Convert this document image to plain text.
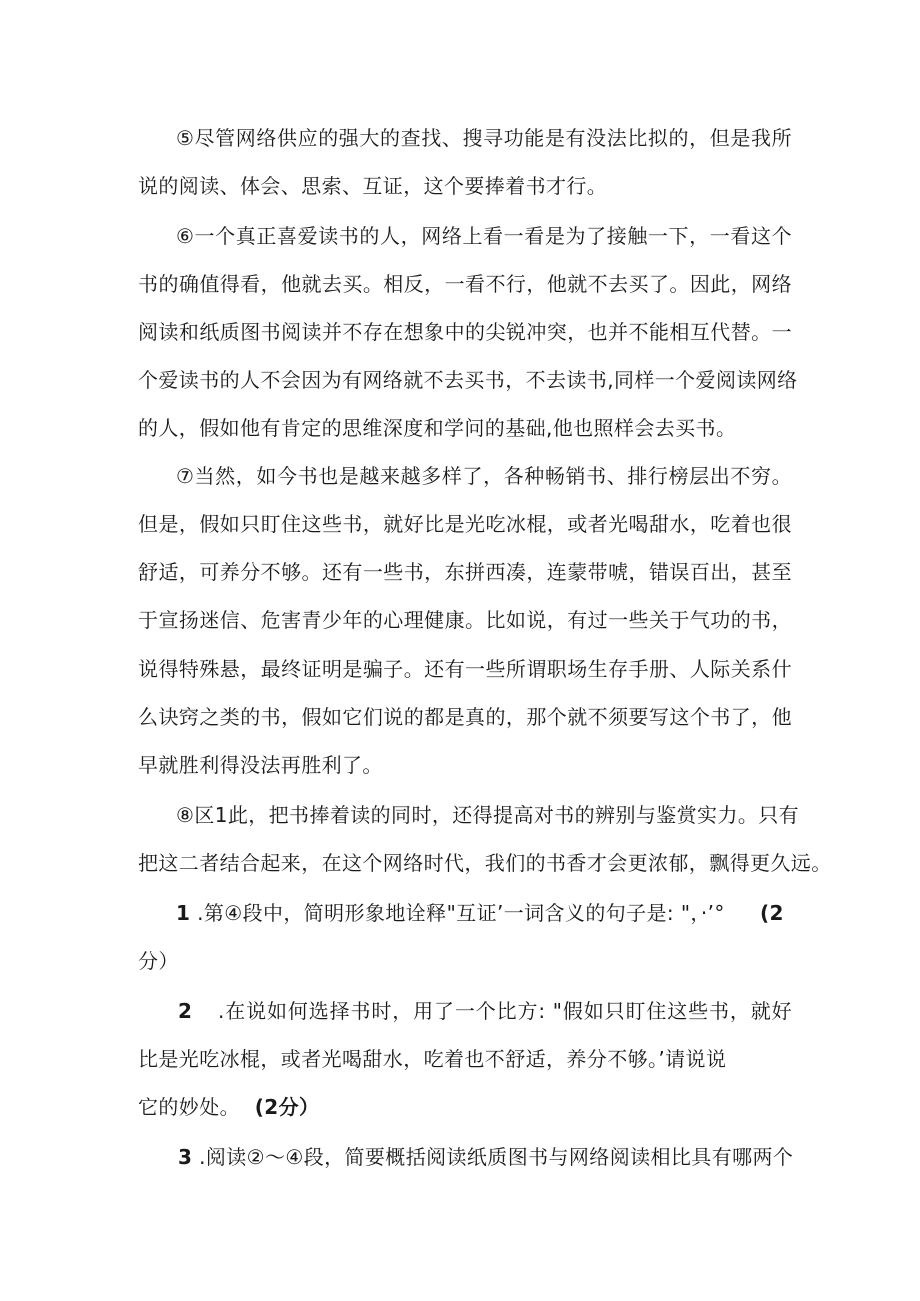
⑤尽管网络供应的强大的查找、搜寻功能是有没法比拟的，但是我所
说的阅读、体会、思索、互证，这个要捧着书才行。
⑥一个真正喜爱读书的人，网络上看一看是为了接触一下，一看这个
书的确值得看，他就去买。相反，一看不行，他就不去买了。因此，网络
阅读和纸质图书阅读并不存在想象中的尖锐冲突，也并不能相互代替。一
个爱读书的人不会因为有网络就不去买书，不去读书,同样一个爱阅读网络
的人，假如他有肯定的思维深度和学问的基础,他也照样会去买书。
⑦当然，如今书也是越来越多样了，各种畅销书、排行榜层出不穷。
但是，假如只盯住这些书，就好比是光吃冰棍，或者光喝甜水，吃着也很
舒适，可养分不够。还有一些书，东拼西凑，连蒙带唬，错误百出，甚至
于宣扬迷信、危害青少年的心理健康。比如说，有过一些关于气功的书，
说得特殊悬，最终证明是骗子。还有一些所谓职场生存手册、人际关系什
么诀窍之类的书，假如它们说的都是真的，那个就不须要写这个书了，他
早就胜利得没法再胜利了。
⑧区1此，把书捧着读的同时，还得提高对书的辨别与鉴赏实力。只有
把这二者结合起来，在这个网络时代，我们的书香才会更浓郁，飘得更久远。
1 .第④段中，简明形象地诠释"互证’一词含义的句子是: "，·’°	(2
分）
2	.在说如何选择书时，用了一个比方: "假如只盯住这些书，就好
比是光吃冰棍，或者光喝甜水，吃着也不舒适，养分不够。’请说说
它的妙处。 (2分）
3 .阅读②～④段，简要概括阅读纸质图书与网络阅读相比具有哪两个
